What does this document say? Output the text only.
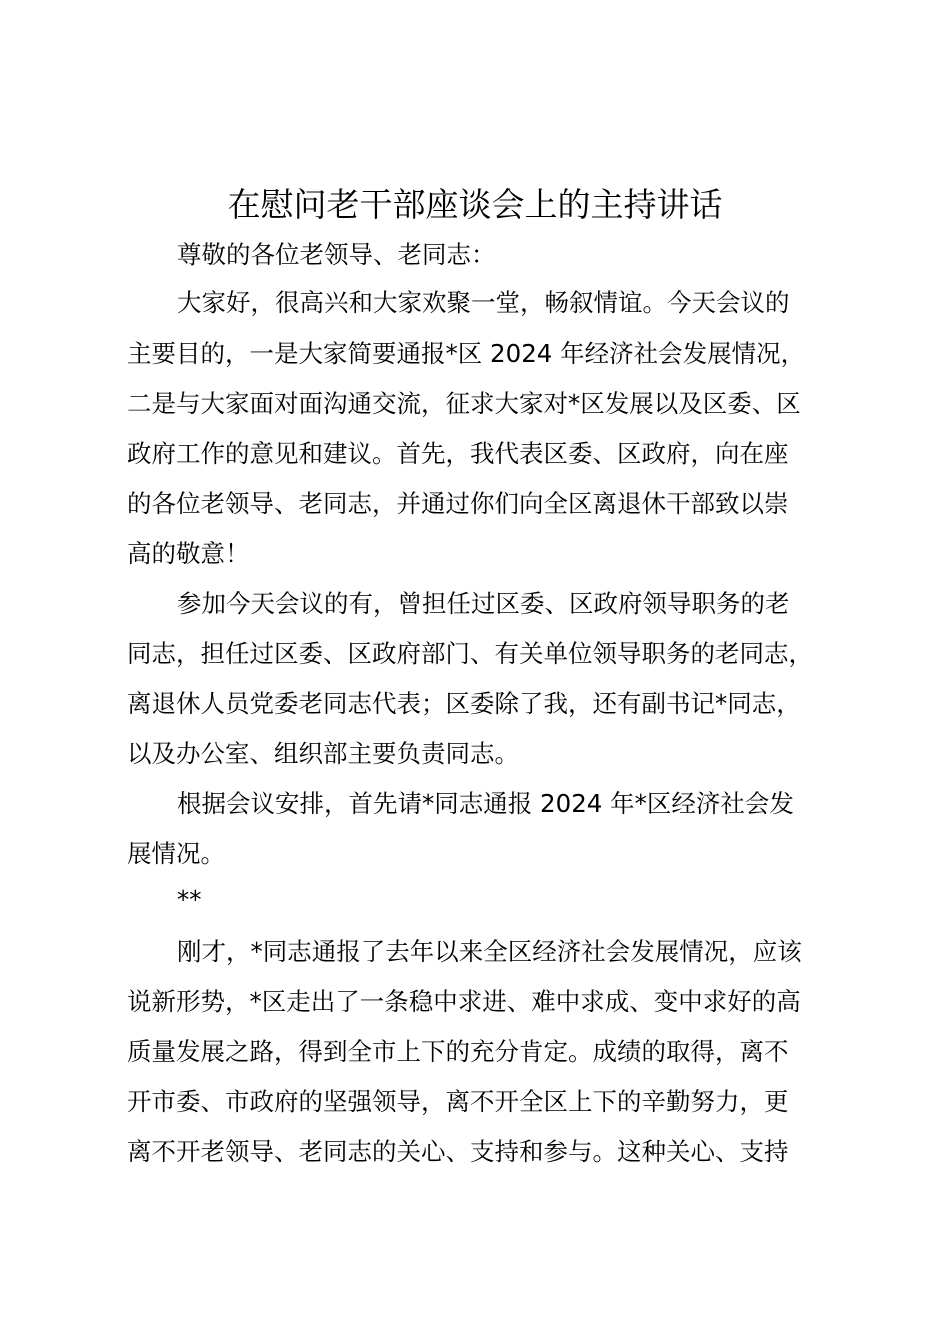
在慰问老干部座谈会上的主持讲话

尊敬的各位老领导、老同志：

大家好，很高兴和大家欢聚一堂，畅叙情谊。今天会议的

主要目的，一是大家简要通报*区 2024 年经济社会发展情况，

二是与大家面对面沟通交流，征求大家对*区发展以及区委、区

政府工作的意见和建议。首先，我代表区委、区政府，向在座

的各位老领导、老同志，并通过你们向全区离退休干部致以崇

高的敬意！

参加今天会议的有，曾担任过区委、区政府领导职务的老

同志，担任过区委、区政府部门、有关单位领导职务的老同志，

离退休人员党委老同志代表；区委除了我，还有副书记*同志，

以及办公室、组织部主要负责同志。

根据会议安排，首先请*同志通报 2024 年*区经济社会发

展情况。

**

刚才，*同志通报了去年以来全区经济社会发展情况，应该

说新形势，*区走出了一条稳中求进、难中求成、变中求好的高

质量发展之路，得到全市上下的充分肯定。成绩的取得，离不

开市委、市政府的坚强领导，离不开全区上下的辛勤努力，更

离不开老领导、老同志的关心、支持和参与。这种关心、支持
